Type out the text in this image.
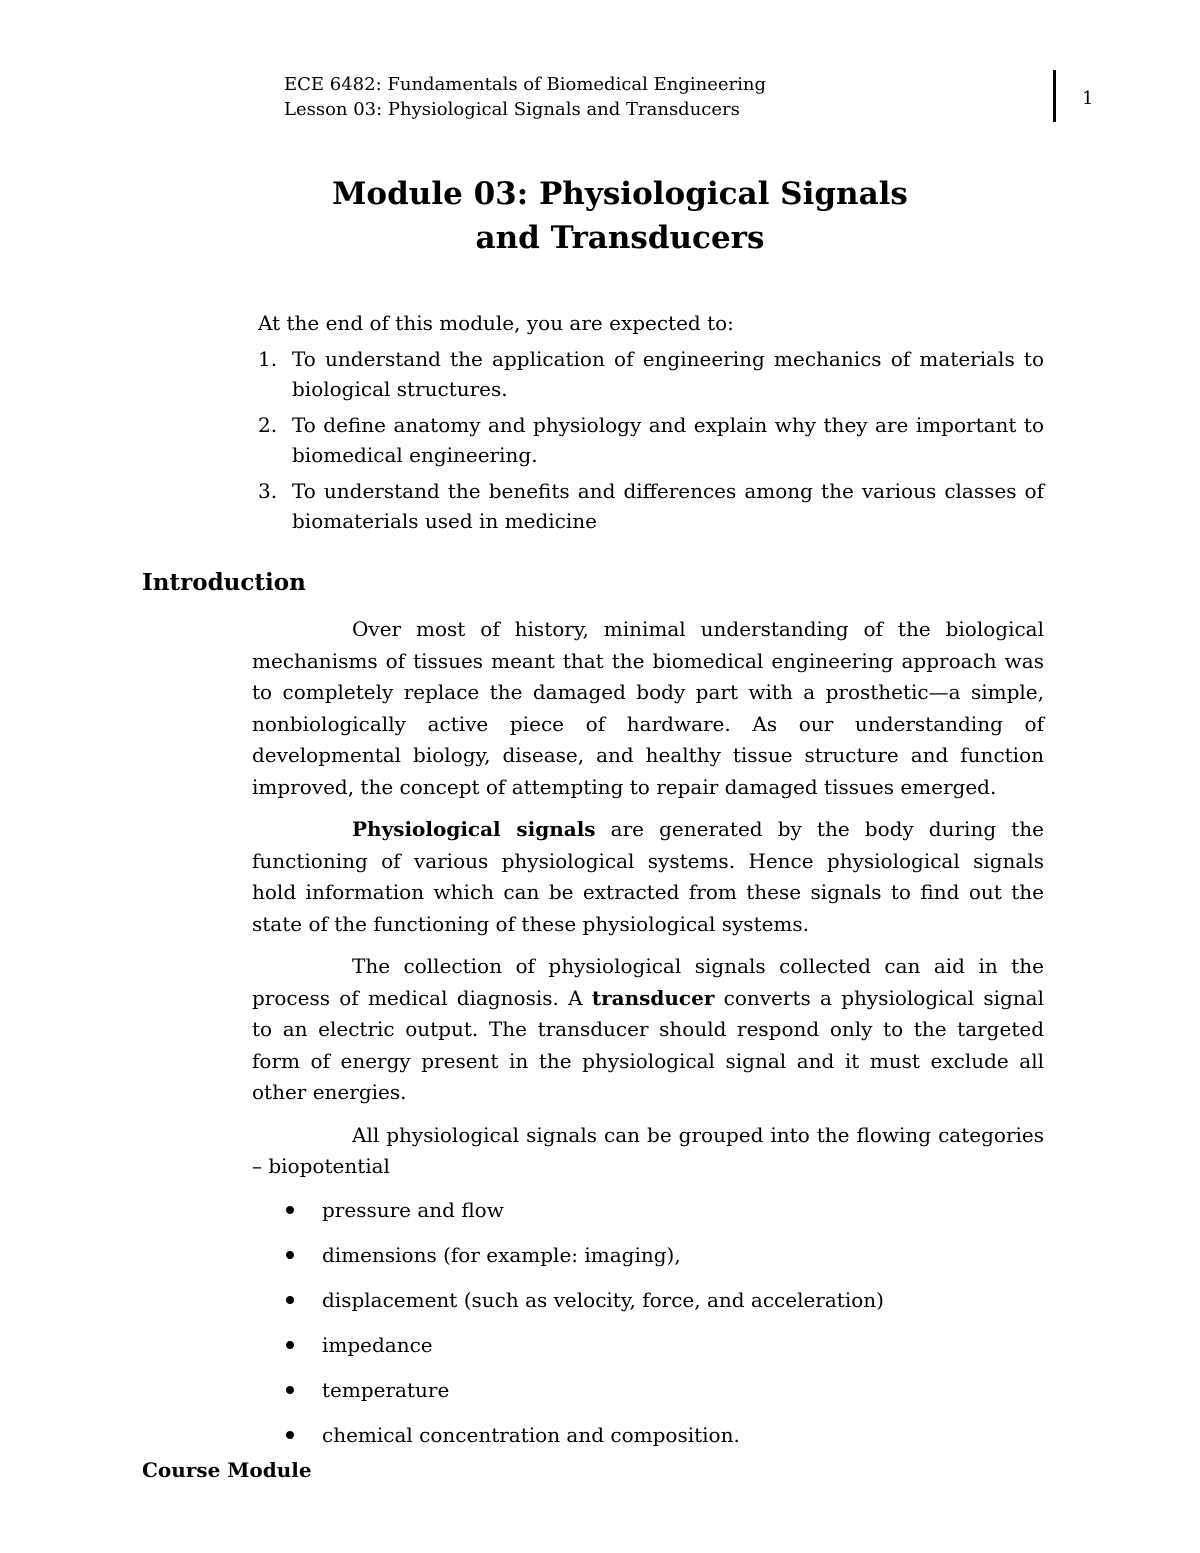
ECE 6482: Fundamentals of Biomedical Engineering
Lesson 03: Physiological Signals and Transducers
1
Module 03: Physiological Signals
and Transducers
At the end of this module, you are expected to:
1. To understand the application of engineering mechanics of materials to biological structures.
2. To define anatomy and physiology and explain why they are important to biomedical engineering.
3. To understand the benefits and differences among the various classes of biomaterials used in medicine
Introduction

Over most of history, minimal understanding of the biological mechanisms of tissues meant that the biomedical engineering approach was to completely replace the damaged body part with a prosthetic—a simple, nonbiologically active piece of hardware. As our understanding of developmental biology, disease, and healthy tissue structure and function improved, the concept of attempting to repair damaged tissues emerged.

Physiological signals are generated by the body during the functioning of various physiological systems. Hence physiological signals hold information which can be extracted from these signals to find out the state of the functioning of these physiological systems.

The collection of physiological signals collected can aid in the process of medical diagnosis. A transducer converts a physiological signal to an electric output. The transducer should respond only to the targeted form of energy present in the physiological signal and it must exclude all other energies.

All physiological signals can be grouped into the flowing categories – biopotential

pressure and flow
dimensions (for example: imaging),
displacement (such as velocity, force, and acceleration)
impedance
temperature
chemical concentration and composition.
Course Module
